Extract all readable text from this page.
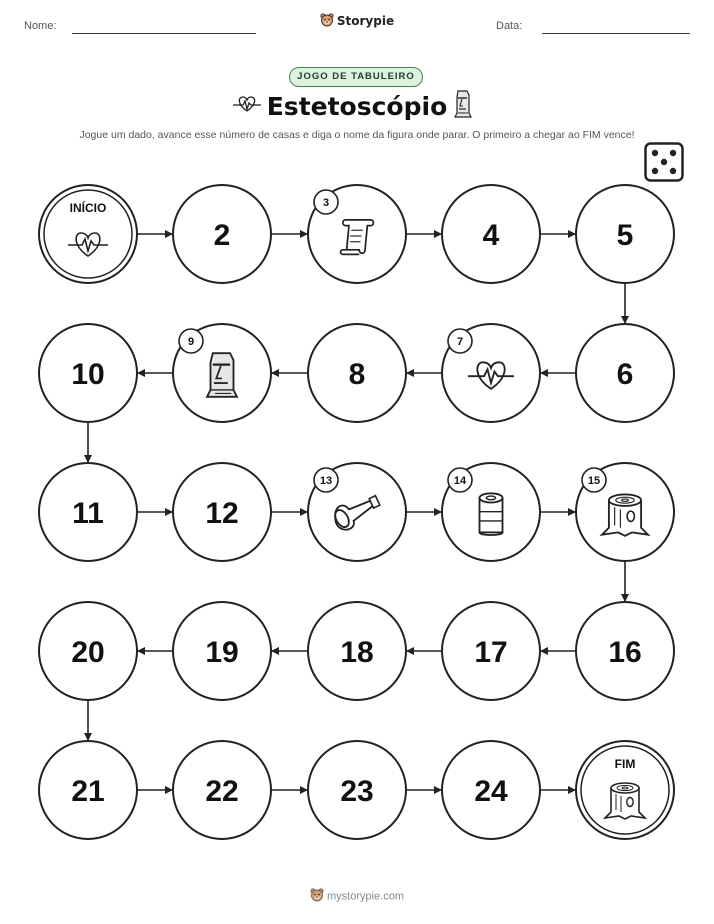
Nome:	Storypie	Data:
JOGO DE TABULEIRO
Estetoscópio
Jogue um dado, avance esse número de casas e diga o nome da figura onde parar. O primeiro a chegar ao FIM vence!
INÍCIO
2
3
4	5
6
7
8
9
10
11	12
13	14	15
16
17
18
19
20
21	22	23	24
FIM
mystorypie.com
